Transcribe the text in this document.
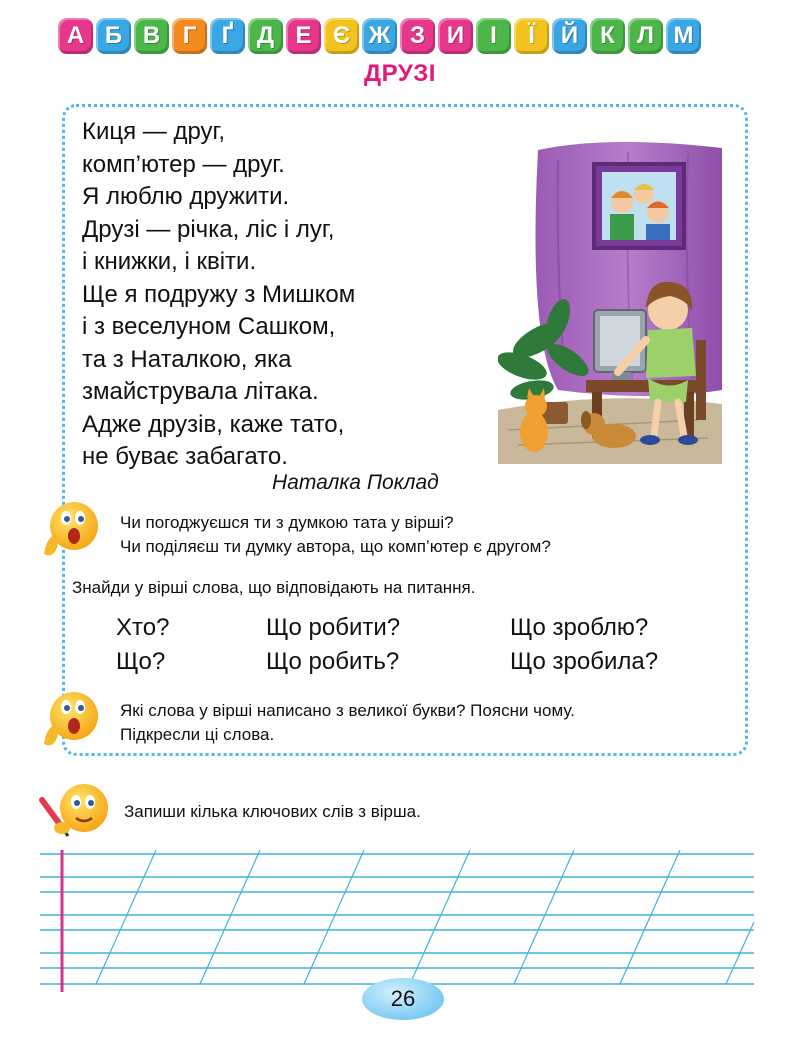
А Б В Г	Ґ Д Е Є Ж З И	І	Ї	Й К Л М
ДРУЗІ
Киця — друг,
комп’ютер — друг.
Я люблю дружити.
Друзі — річка, ліс і луг,
і книжки, і квіти.
Ще я подружу з Мишком
і з веселуном Сашком,
та з Наталкою, яка
змайструвала літака.
Адже друзів, каже тато,
не буває забагато.
Наталка Поклад
Чи погоджуєшся ти з думкою тата у вірші?
Чи поділяєш ти думку автора, що комп’ютер є другом?
Знайди у вірші слова, що відповідають на питання.
Хто?	Що робити?	Що зроблю?
Що?	Що робить?	Що зробила?
Які слова у вірші написано з великої букви? Поясни чому.
Підкресли ці слова.
Запиши кілька ключових слів з вірша.
26
